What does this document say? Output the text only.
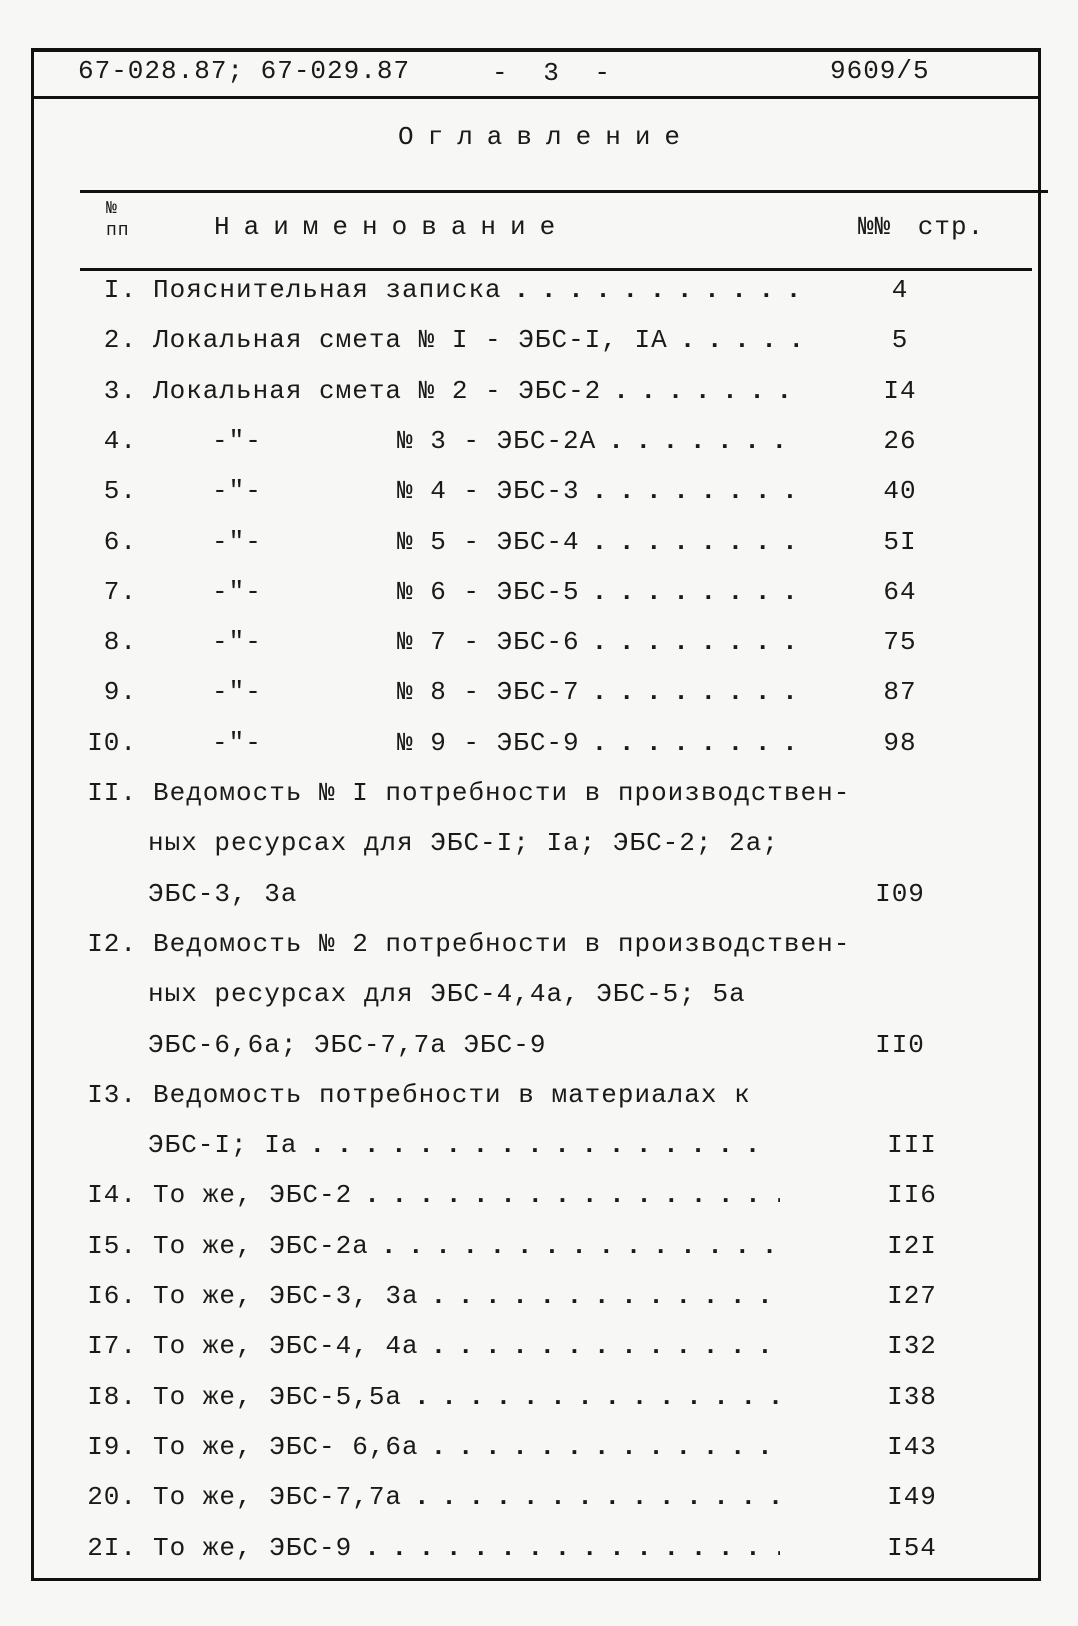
67-028.87; 67-029.87	- 3 -	9609/5
Оглавление
№ пп	Наименование	№№ стр.
I. Пояснительная записка . . .	4
2. Локальная смета № I - ЭБС-I, IА . . .	5
3. Локальная смета № 2 - ЭБС-2 . . .	I4
4.	-"-	№ 3 - ЭБС-2А . . .	26
5.	-"-	№ 4 - ЭБС-3 . . .	40
6.	-"-	№ 5 - ЭБС-4 . . .	5I
7.	-"-	№ 6 - ЭБС-5 . . .	64
8.	-"-	№ 7 - ЭБС-6 . . .	75
9.	-"-	№ 8 - ЭБС-7 . . .	87
I0.	-"-	№ 9 - ЭБС-9 . . .	98
II. Ведомость № I потребности в производствен-
ных ресурсах для ЭБС-I; Iа; ЭБС-2; 2а;
ЭБС-3, 3а	I09
I2. Ведомость № 2 потребности в производствен-
ных ресурсах для ЭБС-4,4а, ЭБС-5; 5а
ЭБС-6,6а; ЭБС-7,7а ЭБС-9	II0
I3. Ведомость потребности в материалах к
ЭБС-I; Iа . . .	III
I4. То же, ЭБС-2 . . .	II6
I5. То же, ЭБС-2а . . .	I2I
I6. То же, ЭБС-3, 3а . . .	I27
I7. То же, ЭБС-4, 4а . . .	I32
I8. То же, ЭБС-5,5а . . .	I38
I9. То же, ЭБС- 6,6а . . .	I43
20. То же, ЭБС-7,7а . . .	I49
2I. То же, ЭБС-9 . . .	I54
